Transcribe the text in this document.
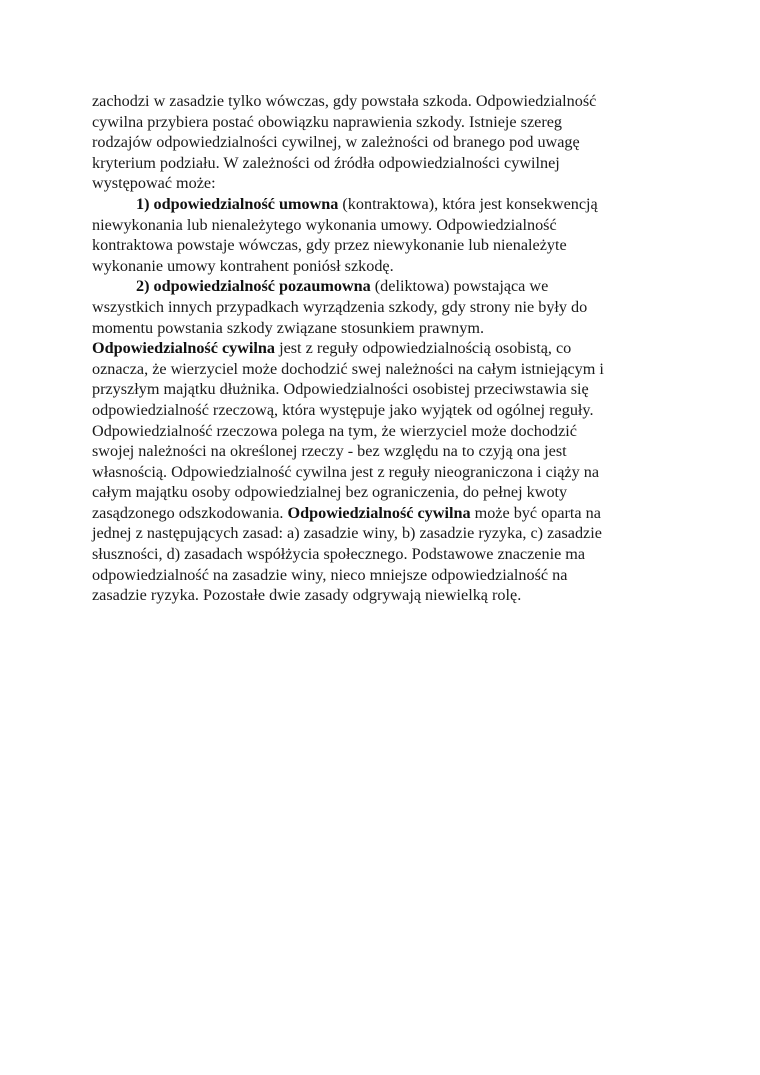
zachodzi w zasadzie tylko wówczas, gdy powstała szkoda. Odpowiedzialność

cywilna przybiera postać obowiązku naprawienia szkody. Istnieje szereg

rodzajów odpowiedzialności cywilnej, w zależności od branego pod uwagę

kryterium podziału. W zależności od źródła odpowiedzialności cywilnej

występować może:

1) odpowiedzialność umowna (kontraktowa), która jest konsekwencją

niewykonania lub nienależytego wykonania umowy. Odpowiedzialność

kontraktowa powstaje wówczas, gdy przez niewykonanie lub nienależyte

wykonanie umowy kontrahent poniósł szkodę.

2) odpowiedzialność pozaumowna (deliktowa) powstająca we

wszystkich innych przypadkach wyrządzenia szkody, gdy strony nie były do

momentu powstania szkody związane stosunkiem prawnym.

Odpowiedzialność cywilna jest z reguły odpowiedzialnością osobistą, co

oznacza, że wierzyciel może dochodzić swej należności na całym istniejącym i

przyszłym majątku dłużnika. Odpowiedzialności osobistej przeciwstawia się

odpowiedzialność rzeczową, która występuje jako wyjątek od ogólnej reguły.

Odpowiedzialność rzeczowa polega na tym, że wierzyciel może dochodzić

swojej należności na określonej rzeczy - bez względu na to czyją ona jest

własnością. Odpowiedzialność cywilna jest z reguły nieograniczona i ciąży na

całym majątku osoby odpowiedzialnej bez ograniczenia, do pełnej kwoty

zasądzonego odszkodowania. Odpowiedzialność cywilna może być oparta na

jednej z następujących zasad: a) zasadzie winy, b) zasadzie ryzyka, c) zasadzie

słuszności, d) zasadach współżycia społecznego. Podstawowe znaczenie ma

odpowiedzialność na zasadzie winy, nieco mniejsze odpowiedzialność na

zasadzie ryzyka. Pozostałe dwie zasady odgrywają niewielką rolę.
